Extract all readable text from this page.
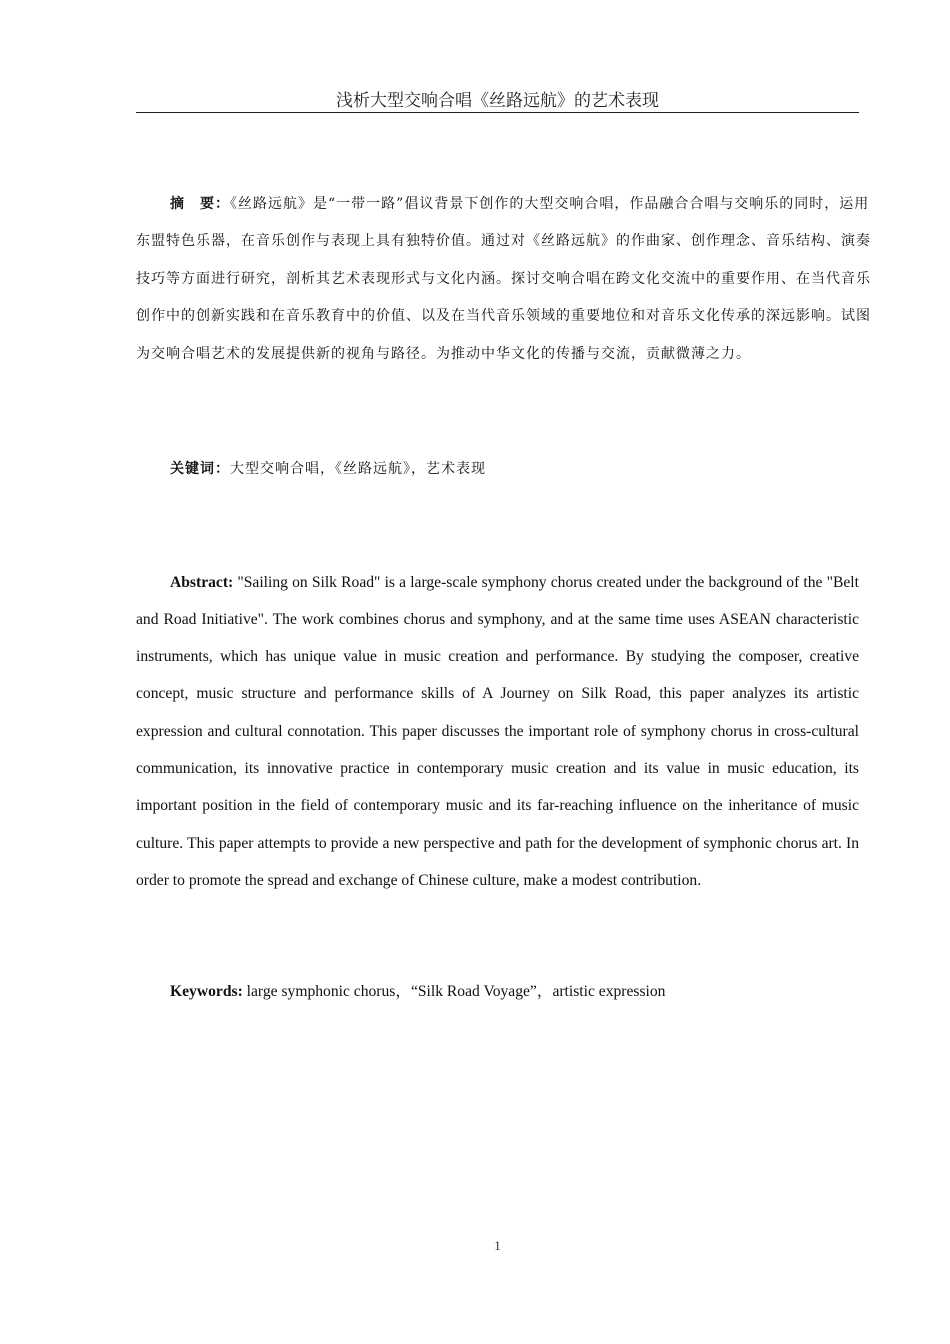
浅析大型交响合唱《丝路远航》的艺术表现

摘　要：《丝路远航》是“一带一路”倡议背景下创作的大型交响合唱，作品融合合唱与交响乐的同时，运用东盟特色乐器，在音乐创作与表现上具有独特价值。通过对《丝路远航》的作曲家、创作理念、音乐结构、演奏技巧等方面进行研究，剖析其艺术表现形式与文化内涵。探讨交响合唱在跨文化交流中的重要作用、在当代音乐创作中的创新实践和在音乐教育中的价值、以及在当代音乐领域的重要地位和对音乐文化传承的深远影响。试图为交响合唱艺术的发展提供新的视角与路径。为推动中华文化的传播与交流，贡献微薄之力。

关键词：大型交响合唱，《丝路远航》，艺术表现

Abstract: "Sailing on Silk Road" is a large-scale symphony chorus created under the background of the "Belt and Road Initiative". The work combines chorus and symphony, and at the same time uses ASEAN characteristic instruments, which has unique value in music creation and performance. By studying the composer, creative concept, music structure and performance skills of A Journey on Silk Road, this paper analyzes its artistic expression and cultural connotation. This paper discusses the important role of symphony chorus in cross-cultural communication, its innovative practice in contemporary music creation and its value in music education, its important position in the field of contemporary music and its far-reaching influence on the inheritance of music culture. This paper attempts to provide a new perspective and path for the development of symphonic chorus art. In order to promote the spread and exchange of Chinese culture, make a modest contribution.

Keywords: large symphonic chorus，“Silk Road Voyage”，artistic expression

1
